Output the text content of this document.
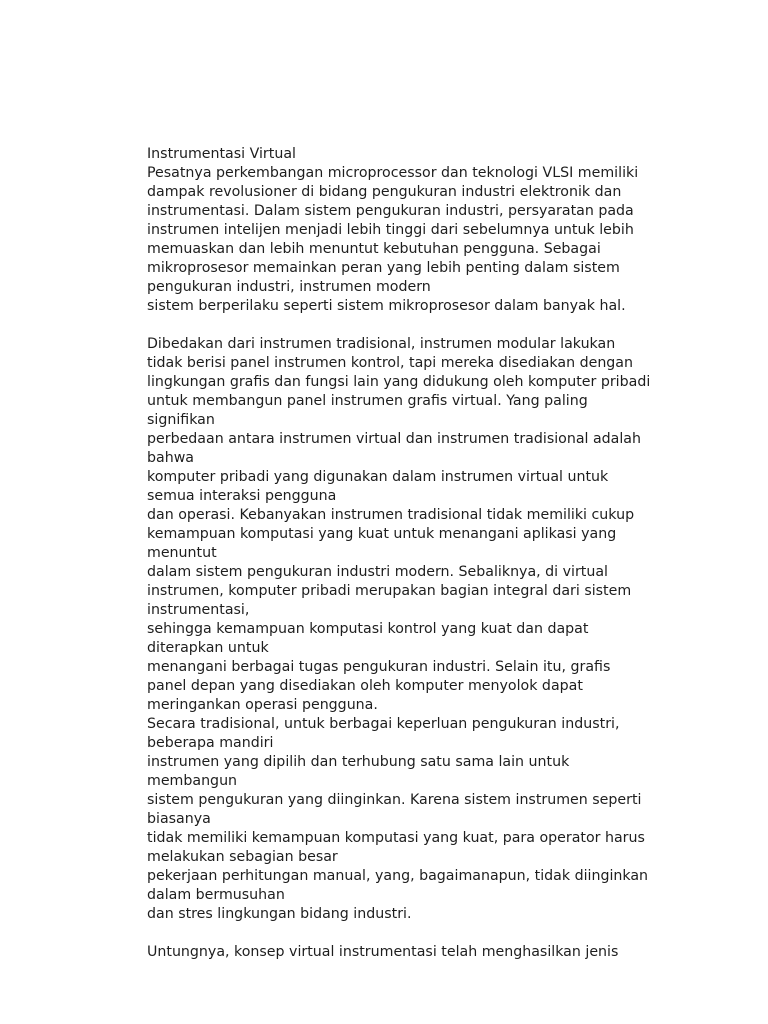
Instrumentasi Virtual
Pesatnya perkembangan microprocessor dan teknologi VLSI memiliki
dampak revolusioner di bidang pengukuran industri elektronik dan
instrumentasi. Dalam sistem pengukuran industri, persyaratan pada
instrumen intelijen menjadi lebih tinggi dari sebelumnya untuk lebih
memuaskan dan lebih menuntut kebutuhan pengguna. Sebagai
mikroprosesor memainkan peran yang lebih penting dalam sistem
pengukuran industri, instrumen modern
sistem berperilaku seperti sistem mikroprosesor dalam banyak hal.
Dibedakan dari instrumen tradisional, instrumen modular lakukan
tidak berisi panel instrumen kontrol, tapi mereka disediakan dengan
lingkungan grafis dan fungsi lain yang didukung oleh komputer pribadi
untuk membangun panel instrumen grafis virtual. Yang paling
signifikan
perbedaan antara instrumen virtual dan instrumen tradisional adalah
bahwa
komputer pribadi yang digunakan dalam instrumen virtual untuk
semua interaksi pengguna
dan operasi. Kebanyakan instrumen tradisional tidak memiliki cukup
kemampuan komputasi yang kuat untuk menangani aplikasi yang
menuntut
dalam sistem pengukuran industri modern. Sebaliknya, di virtual
instrumen, komputer pribadi merupakan bagian integral dari sistem
instrumentasi,
sehingga kemampuan komputasi kontrol yang kuat dan dapat
diterapkan untuk
menangani berbagai tugas pengukuran industri. Selain itu, grafis
panel depan yang disediakan oleh komputer menyolok dapat
meringankan operasi pengguna.
Secara tradisional, untuk berbagai keperluan pengukuran industri,
beberapa mandiri
instrumen yang dipilih dan terhubung satu sama lain untuk
membangun
sistem pengukuran yang diinginkan. Karena sistem instrumen seperti
biasanya
tidak memiliki kemampuan komputasi yang kuat, para operator harus
melakukan sebagian besar
pekerjaan perhitungan manual, yang, bagaimanapun, tidak diinginkan
dalam bermusuhan
dan stres lingkungan bidang industri.
Untungnya, konsep virtual instrumentasi telah menghasilkan jenis
